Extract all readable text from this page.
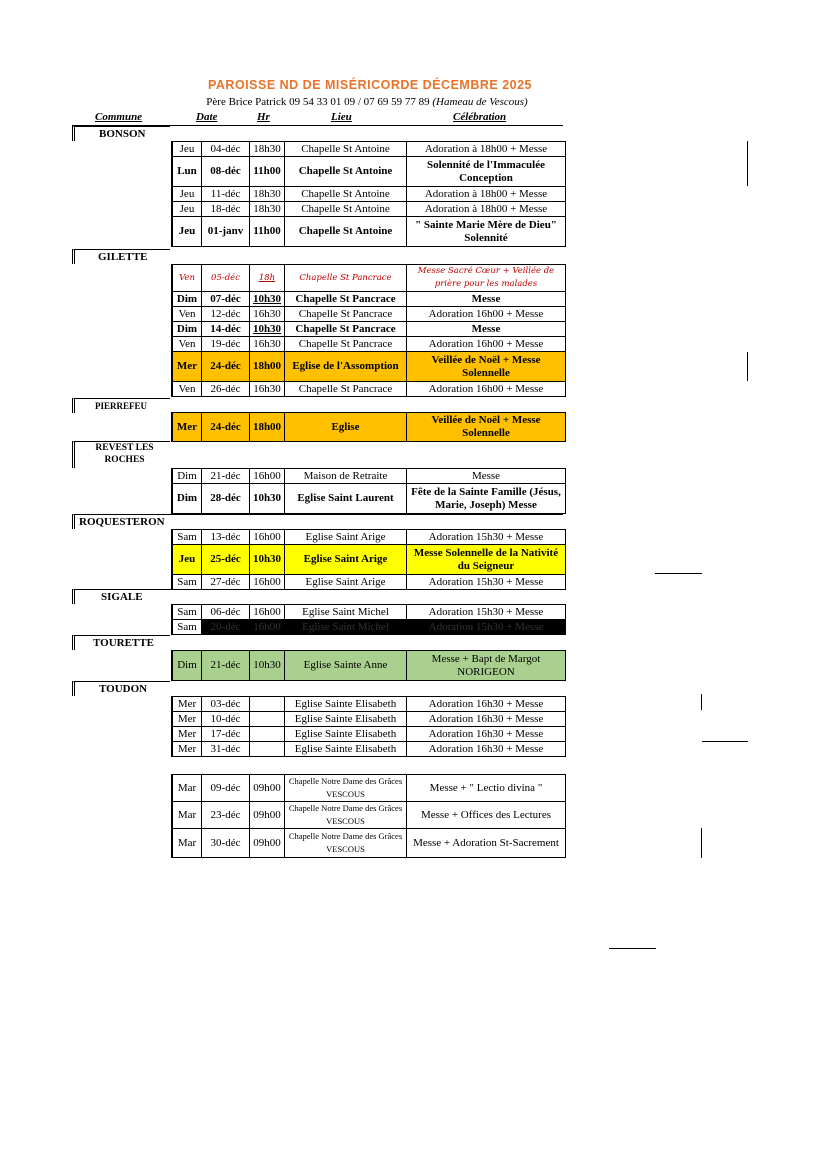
PAROISSE ND DE MISÉRICORDE DÉCEMBRE 2025
Père Brice Patrick 09 54 33 01 09 / 07 69 59 77 89 (Hameau de Vescous)
Commune	Date	Hr	Lieu	Célébration
BONSON
Jeu	04-déc	18h30	Chapelle St Antoine	Adoration à 18h00 + Messe
Lun	08-déc	11h00	Chapelle St Antoine	Solennité de l'Immaculée Conception
Jeu	11-déc	18h30	Chapelle St Antoine	Adoration à 18h00 + Messe
Jeu	18-déc	18h30	Chapelle St Antoine	Adoration à 18h00 + Messe
Jeu	01-janv	11h00	Chapelle St Antoine	" Sainte Marie Mère de Dieu" Solennité
GILETTE
Ven	05-déc	18h	Chapelle St Pancrace	Messe Sacré Cœur + Veillée de prière pour les malades
Dim	07-déc	10h30	Chapelle St Pancrace	Messe
Ven	12-déc	16h30	Chapelle St Pancrace	Adoration 16h00 + Messe
Dim	14-déc	10h30	Chapelle St Pancrace	Messe
Ven	19-déc	16h30	Chapelle St Pancrace	Adoration 16h00 + Messe
Mer	24-déc	18h00	Eglise de l'Assomption	Veillée de Noël + Messe Solennelle
Ven	26-déc	16h30	Chapelle St Pancrace	Adoration 16h00 + Messe
PIERREFEU
Mer	24-déc	18h00	Eglise	Veillée de Noël + Messe Solennelle
REVEST LES ROCHES
Dim	21-déc	16h00	Maison de Retraite	Messe
Dim	28-déc	10h30	Eglise Saint Laurent	Fête de la Sainte Famille (Jésus, Marie, Joseph) Messe
ROQUESTERON
Sam	13-déc	16h00	Eglise Saint Arige	Adoration 15h30 + Messe
Jeu	25-déc	10h30	Eglise Saint Arige	Messe Solennelle de la Nativité du Seigneur
Sam	27-déc	16h00	Eglise Saint Arige	Adoration 15h30 + Messe
SIGALE
Sam	06-déc	16h00	Eglise Saint Michel	Adoration 15h30 + Messe
Sam	20-déc	16h00	Eglise Saint Michel	Adoration 15h30 + Messe
TOURETTE
Dim	21-déc	10h30	Eglise Sainte Anne	Messe + Bapt de Margot NORIGEON
TOUDON
Mer	03-déc		Eglise Sainte Elisabeth	Adoration 16h30 + Messe
Mer	10-déc		Eglise Sainte Elisabeth	Adoration 16h30 + Messe
Mer	17-déc		Eglise Sainte Elisabeth	Adoration 16h30 + Messe
Mer	31-déc		Eglise Sainte Elisabeth	Adoration 16h30 + Messe
Mar	09-déc	09h00	Chapelle Notre Dame des Grâces VESCOUS	Messe + " Lectio divina "
Mar	23-déc	09h00	Chapelle Notre Dame des Grâces VESCOUS	Messe + Offices des Lectures
Mar	30-déc	09h00	Chapelle Notre Dame des Grâces VESCOUS	Messe + Adoration St-Sacrement
